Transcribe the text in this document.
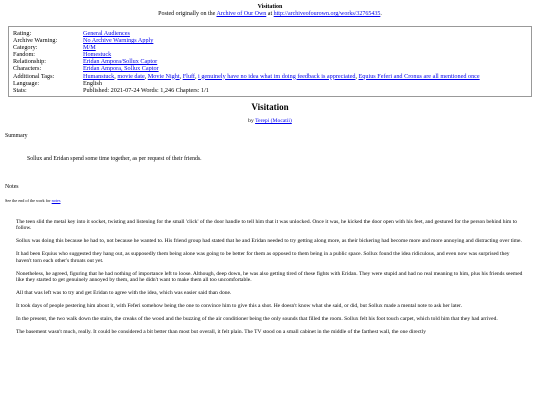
Visitation
Posted originally on the Archive of Our Own at http://archiveofourown.org/works/32765435.
Rating:	General Audiences
Archive Warning:	No Archive Warnings Apply
Category:	M/M
Fandom:	Homestuck
Relationship:	Eridan Ampora/Sollux Captor
Characters:	Eridan Ampora, Sollux Captor
Additional Tags:	Humanstuck, movie date, Movie Night, Fluff, i genuinely have no idea what im doing feedback is appreciated, Equius Feferi and Cronus are all mentioned once
Language:	English
Stats:	Published: 2021-07-24 Words: 1,246 Chapters: 1/1
Visitation
by Terepi (Mocatii)
Summary
Sollux and Eridan spend some time together, as per request of their friends.
Notes
See the end of the work for notes

The teen slid the metal key into it socket, twisting and listening for the small 'click' of the door handle to tell him that it was unlocked. Once it was, he kicked the door open with his feet, and gestured for the person behind him to follow.

Sollux was doing this because he had to, not because he wanted to. His friend group had stated that he and Eridan needed to try getting along more, as their bickering had become more and more annoying and distracting over time.

It had been Equius who suggested they hang out, as supposedly them being alone was going to be better for them as opposed to them being in a public space. Sollux found the idea ridiculous, and even now was surprised they haven't torn each other's throats out yet.

Nonetheless, he agreed, figuring that he had nothing of importance left to loose. Although, deep down, he was also getting tired of these fights with Eridan. They were stupid and had no real meaning to him, plus his friends seemed like they started to get genuinely annoyed by them, and he didn't want to make them all too uncomfortable.

All that was left was to try and get Eridan to agree with the idea, which was easier said than done.

It took days of people pestering him about it, with Feferi somehow being the one to convince him to give this a shot. He doesn't know what she said, or did, but Sollux made a mental note to ask her later.

In the present, the two walk down the stairs, the creaks of the wood and the buzzing of the air conditioner being the only sounds that filled the room. Sollux felt his foot touch carpet, which told him that they had arrived.

The basement wasn't much, really. It could be considered a bit better than most but overall, it felt plain. The TV stood on a small cabinet in the middle of the farthest wall, the one directly
